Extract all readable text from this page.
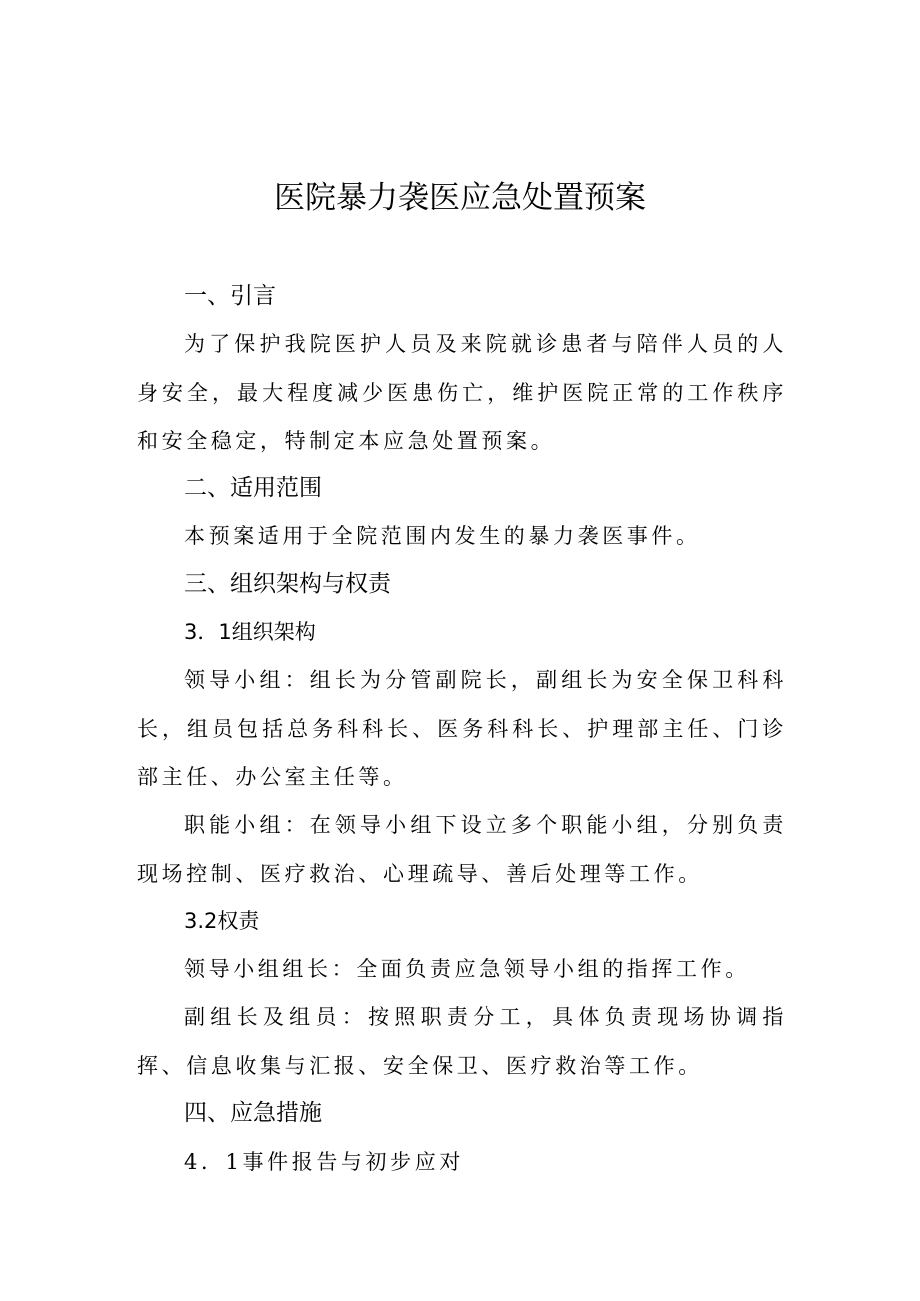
医院暴力袭医应急处置预案
一、引言
为了保护我院医护人员及来院就诊患者与陪伴人员的人身安全，最大程度减少医患伤亡，维护医院正常的工作秩序和安全稳定，特制定本应急处置预案。
二、适用范围
本预案适用于全院范围内发生的暴力袭医事件。
三、组织架构与权责
3．1组织架构
领导小组：组长为分管副院长，副组长为安全保卫科科长，组员包括总务科科长、医务科科长、护理部主任、门诊部主任、办公室主任等。
职能小组：在领导小组下设立多个职能小组，分别负责现场控制、医疗救治、心理疏导、善后处理等工作。
3.2权责
领导小组组长：全面负责应急领导小组的指挥工作。
副组长及组员：按照职责分工，具体负责现场协调指挥、信息收集与汇报、安全保卫、医疗救治等工作。
四、应急措施
4．1事件报告与初步应对
